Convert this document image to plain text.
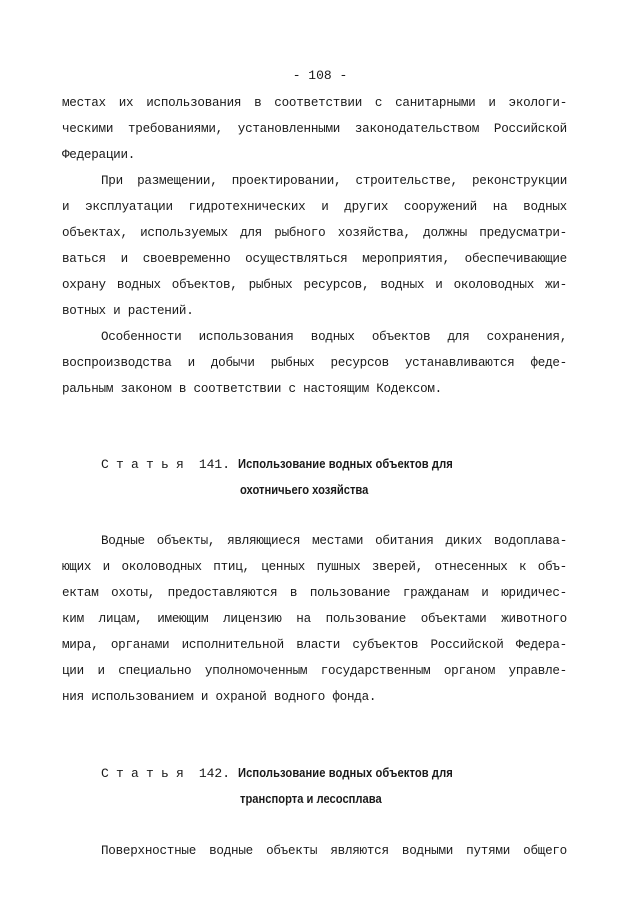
- 108 -
местах их использования в соответствии с санитарными и экологи-
ческими требованиями, установленными законодательством Российской
Федерации.
При размещении, проектировании, строительстве, реконструкции
и эксплуатации гидротехнических и других сооружений на водных
объектах, используемых для рыбного хозяйства, должны предусматри-
ваться и своевременно осуществляться мероприятия, обеспечивающие
охрану водных объектов, рыбных ресурсов, водных и околоводных жи-
вотных и растений.
Особенности использования водных объектов для сохранения,
воспроизводства и добычи рыбных ресурсов устанавливаются феде-
ральным законом в соответствии с настоящим Кодексом.
Статья 141. Использование водных объектов для
охотничьего хозяйства
Водные объекты, являющиеся местами обитания диких водоплава-
ющих и околоводных птиц, ценных пушных зверей, отнесенных к объ-
ектам охоты, предоставляются в пользование гражданам и юридичес-
ким лицам, имеющим лицензию на пользование объектами животного
мира, органами исполнительной власти субъектов Российской Федера-
ции и специально уполномоченным государственным органом управле-
ния использованием и охраной водного фонда.
Статья 142. Использование водных объектов для
транспорта и лесосплава
Поверхностные водные объекты являются водными путями общего
